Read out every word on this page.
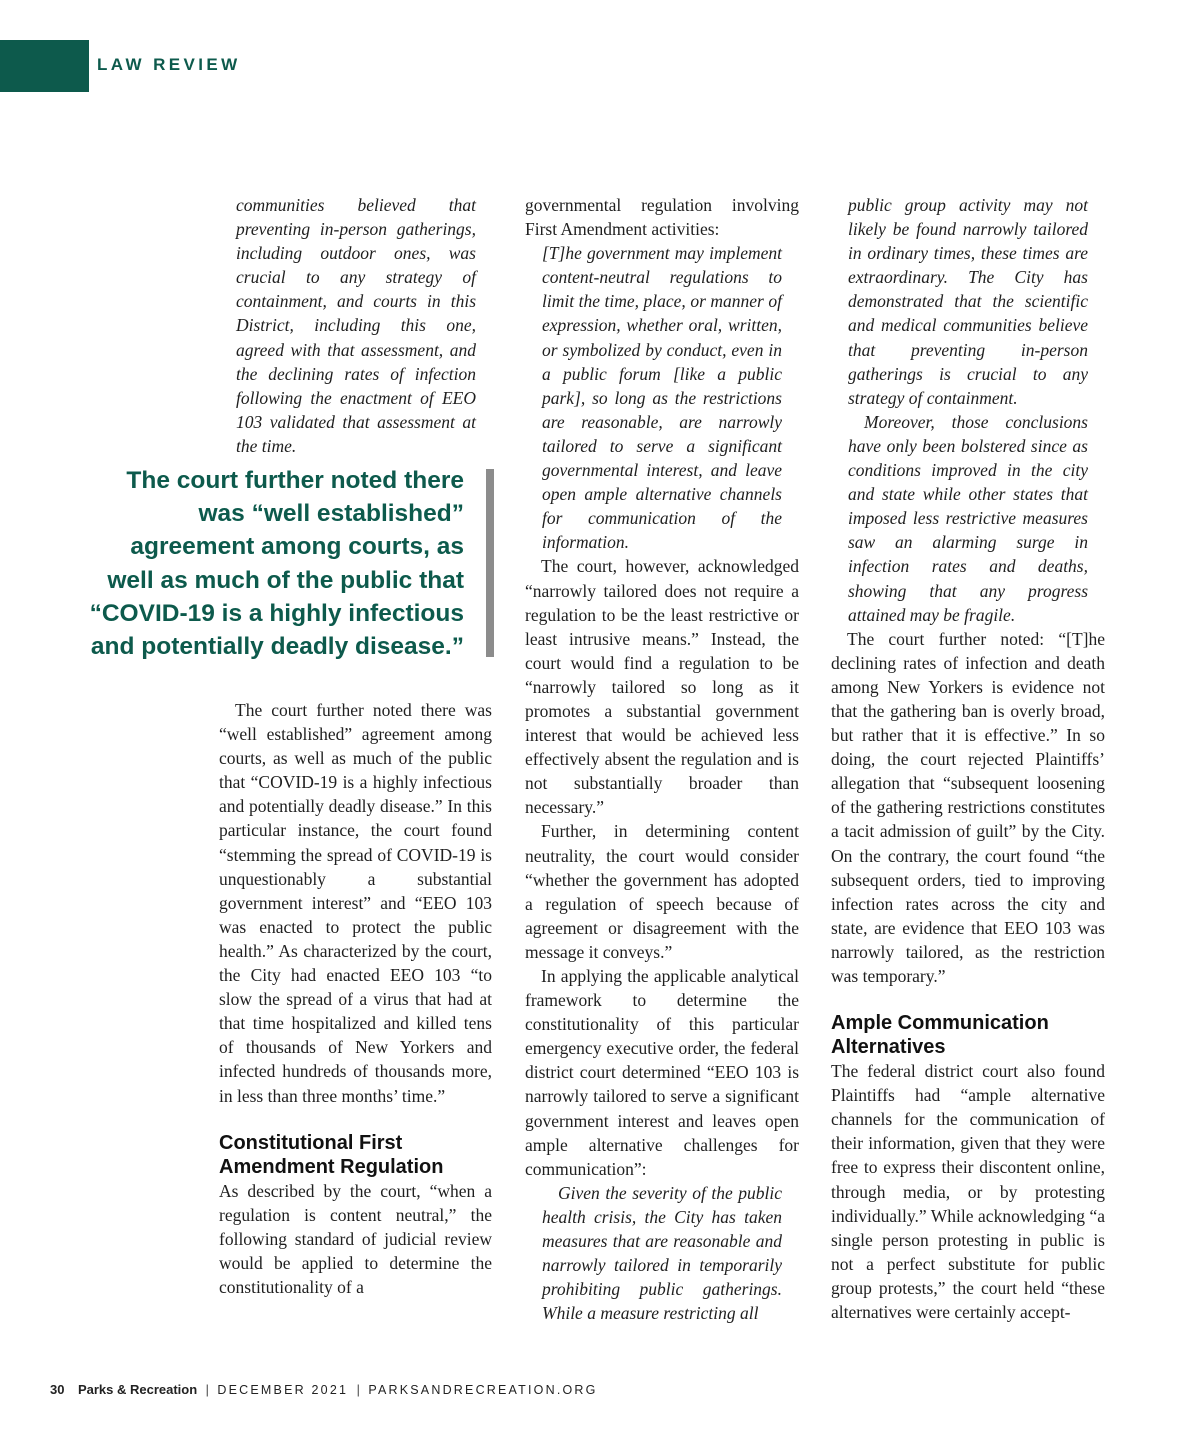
LAW REVIEW

communities believed that preventing in-person gatherings, including outdoor ones, was crucial to any strategy of containment, and courts in this District, including this one, agreed with that assessment, and the declining rates of infection following the enactment of EEO 103 validated that assessment at the time.

The court further noted there was “well established” agreement among courts, as well as much of the public that “COVID-19 is a highly infectious and potentially deadly disease.”

The court further noted there was “well established” agreement among courts, as well as much of the public that “COVID-19 is a highly infectious and potentially deadly disease.” In this particular instance, the court found “stemming the spread of COVID-19 is unquestionably a substantial government interest” and “EEO 103 was enacted to protect the public health.” As characterized by the court, the City had enacted EEO 103 “to slow the spread of a virus that had at that time hospitalized and killed tens of thousands of New Yorkers and infected hundreds of thousands more, in less than three months’ time.”

Constitutional First Amendment Regulation

As described by the court, “when a regulation is content neutral,” the following standard of judicial review would be applied to determine the constitutionality of a

governmental regulation involving First Amendment activities:

[T]he government may implement content-neutral regulations to limit the time, place, or manner of expression, whether oral, written, or symbolized by conduct, even in a public forum [like a public park], so long as the restrictions are reasonable, are narrowly tailored to serve a significant governmental interest, and leave open ample alternative channels for communication of the information.

The court, however, acknowledged “narrowly tailored does not require a regulation to be the least restrictive or least intrusive means.” Instead, the court would find a regulation to be “narrowly tailored so long as it promotes a substantial government interest that would be achieved less effectively absent the regulation and is not substantially broader than necessary.”

Further, in determining content neutrality, the court would consider “whether the government has adopted a regulation of speech because of agreement or disagreement with the message it conveys.”

In applying the applicable analytical framework to determine the constitutionality of this particular emergency executive order, the federal district court determined “EEO 103 is narrowly tailored to serve a significant government interest and leaves open ample alternative challenges for communication”:

Given the severity of the public health crisis, the City has taken measures that are reasonable and narrowly tailored in temporarily prohibiting public gatherings. While a measure restricting all

public group activity may not likely be found narrowly tailored in ordinary times, these times are extraordinary. The City has demonstrated that the scientific and medical communities believe that preventing in-person gatherings is crucial to any strategy of containment.

Moreover, those conclusions have only been bolstered since as conditions improved in the city and state while other states that imposed less restrictive measures saw an alarming surge in infection rates and deaths, showing that any progress attained may be fragile.

The court further noted: “[T]he declining rates of infection and death among New Yorkers is evidence not that the gathering ban is overly broad, but rather that it is effective.” In so doing, the court rejected Plaintiffs’ allegation that “subsequent loosening of the gathering restrictions constitutes a tacit admission of guilt” by the City. On the contrary, the court found “the subsequent orders, tied to improving infection rates across the city and state, are evidence that EEO 103 was narrowly tailored, as the restriction was temporary.”

Ample Communication Alternatives

The federal district court also found Plaintiffs had “ample alternative channels for the communication of their information, given that they were free to express their discontent online, through media, or by protesting individually.” While acknowledging “a single person protesting in public is not a perfect substitute for public group protests,” the court held “these alternatives were certainly accept-

30 Parks & Recreation | DECEMBER 2021 | PARKSANDRECREATION.ORG
